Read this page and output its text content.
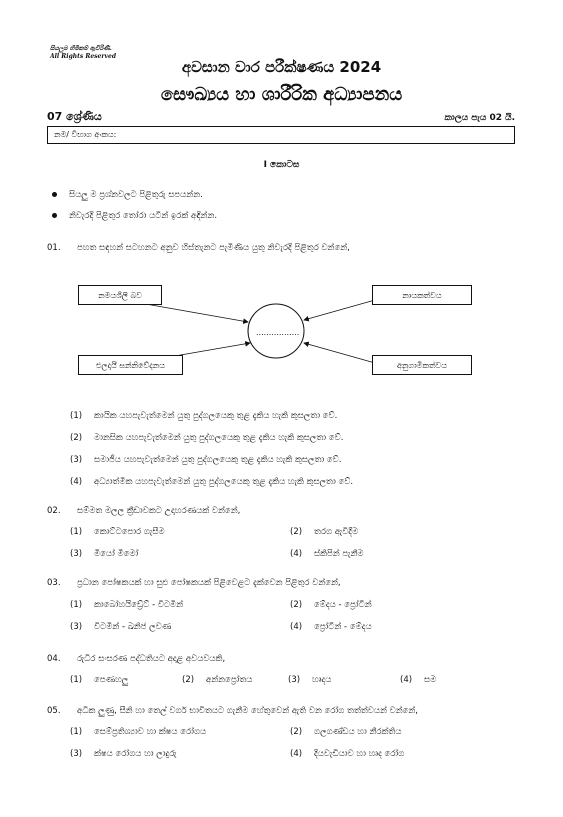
සියලුම හිමිකම් ඇවිරිණි.
All Rights Reserved
අවසාන වාර පරීක්ෂණය 2024
සෞඛ්‍යය හා ශාරීරික අධ්‍යාපනය
07 ශ්‍රේණිය	කාලය පැය 02 යි.
නම/ විභාග අංකය:
I කොටස
සියලු ම ප්‍රශ්නවලට පිළිතුරු සපයන්න.
නිවැරදි පිළිතුර තෝරා යටින් ඉරක් අඳින්න.
01. පහත සඳහන් සටහනට අනුව හිස්තැනට පැමිණිය යුතු නිවැරදි පිළිතුර වන්නේ,
.................
නමයශීලී බව	නායකත්වය
එලදායී සන්නිවේදනය	අනුගාමිකත්වය
(1) කායික යහපැවැත්මෙන් යුතු පුද්ගලයෙකු තුළ දැකිය හැකි කුසලතා වේ.
(2) මානසික යහපැවැත්මෙන් යුතු පුද්ගලයෙකු තුළ දැකිය හැකි කුසලතා වේ.
(3) සමාජීය යහපැවැත්මෙන් යුතු පුද්ගලයෙකු තුළ දැකිය හැකි කුසලතා වේ.
(4) අධ්‍යාත්මික යහපැවැත්මෙන් යුතු පුද්ගලයෙකු තුළ දැකිය හැකි කුසලතා වේ.
02. සම්මත මලල ක්‍රීඩාවකට උදාහරණයක් වන්නේ,
(1) කොට්ටපොර ගැසීම	(2) තරග ඇවිදීම
(3) මියෝ මීමෝ	(4) ස්කිපින් පැනීම
03. ප්‍රධාන පෝෂකයක් හා සුළු පෝෂකයක් පිළිවෙළට දැක්වෙන පිළිතුර වන්නේ,
(1) කාබෝහයිඩ්‍රේට් - විටමින්	(2) මේදය - ප්‍රෝටීන්
(3) විටමින් - ඛනිජ ලවණ	(4) ප්‍රෝටීන් - මේදය
04. රුධිර සංසරණ පද්ධතියට අදාළ අවයවයකි,
(1) පෙණහලු	(2) අන්නප්‍රෝතය	(3) හෘදය	(4) සම
05. අධික ලුණු, සීනි හා තෙල් වර්ග භාවිතයට ගැනීම හේතුවෙන් ඇති වන රෝග තත්ත්වයන් වන්නේ,
(1) සෙම්ප්‍රතිශ්‍යාව හා ක්ෂය රෝගය	(2) ගලගණ්ඩය හා නීරක්තිය
(3) ක්ෂය රෝගය හා ලාදුරු	(4) දියවැඩියාව හා හෘද රෝග
